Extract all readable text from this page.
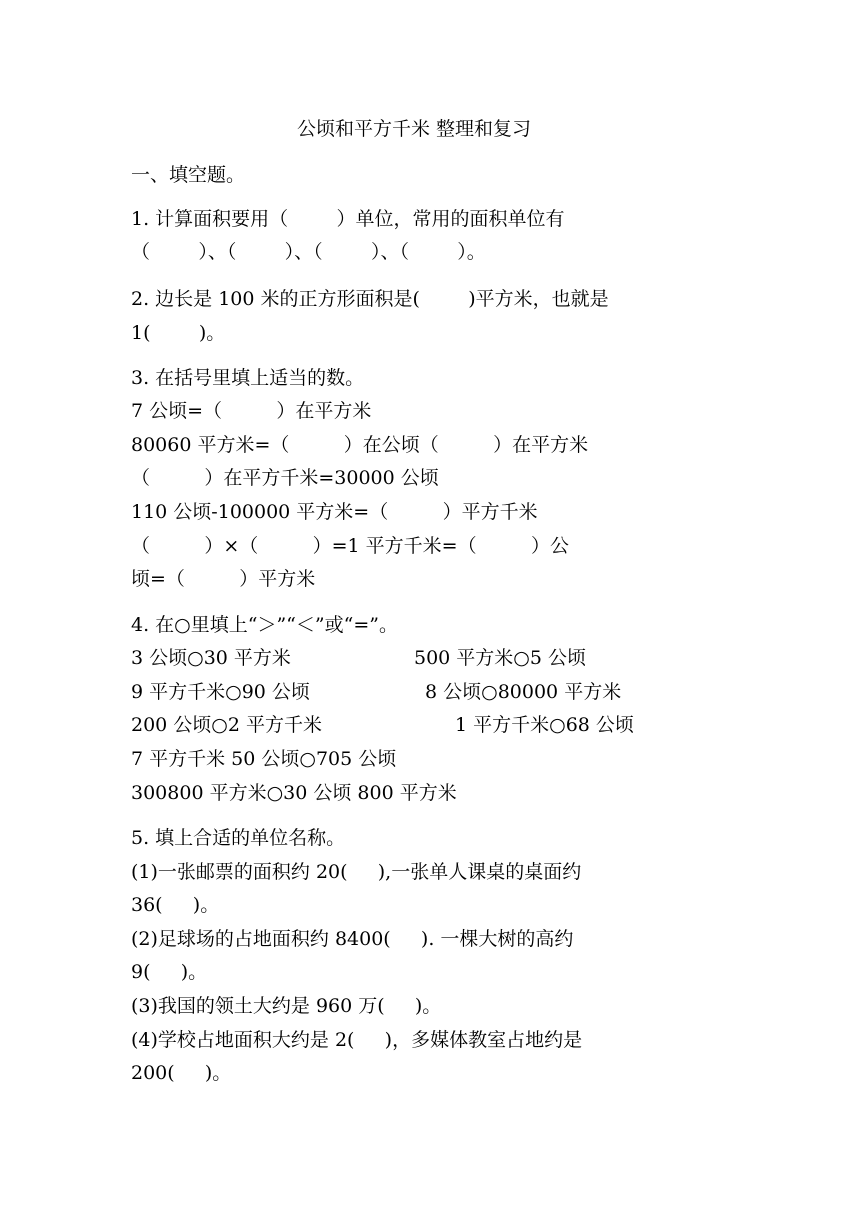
公顷和平方千米 整理和复习
一、填空题。
1. 计算面积要用（        ）单位，常用的面积单位有
（        ）、（        ）、（        ）、（        ）。
2. 边长是 100 米的正方形面积是(        )平方米，也就是
1(        )。
3. 在括号里填上适当的数。
7 公顷=（         ）在平方米
80060 平方米=（         ）在公顷（         ）在平方米
（         ）在平方千米=30000 公顷
110 公顷-100000 平方米=（         ）平方千米
（         ）×（         ）=1 平方千米=（         ）公
顷=（         ）平方米
4. 在○里填上“＞”“＜”或“=”。
3 公顷○30 平方米	500 平方米○5 公顷
9 平方千米○90 公顷	8 公顷○80000 平方米
200 公顷○2 平方千米	1 平方千米○68 公顷
7 平方千米 50 公顷○705 公顷
300800 平方米○30 公顷 800 平方米
5. 填上合适的单位名称。
(1)一张邮票的面积约 20(     ),一张单人课桌的桌面约
36(     )。
(2)足球场的占地面积约 8400(     ). 一棵大树的高约
9(     )。
(3)我国的领土大约是 960 万(     )。
(4)学校占地面积大约是 2(     )，多媒体教室占地约是
200(     )。
